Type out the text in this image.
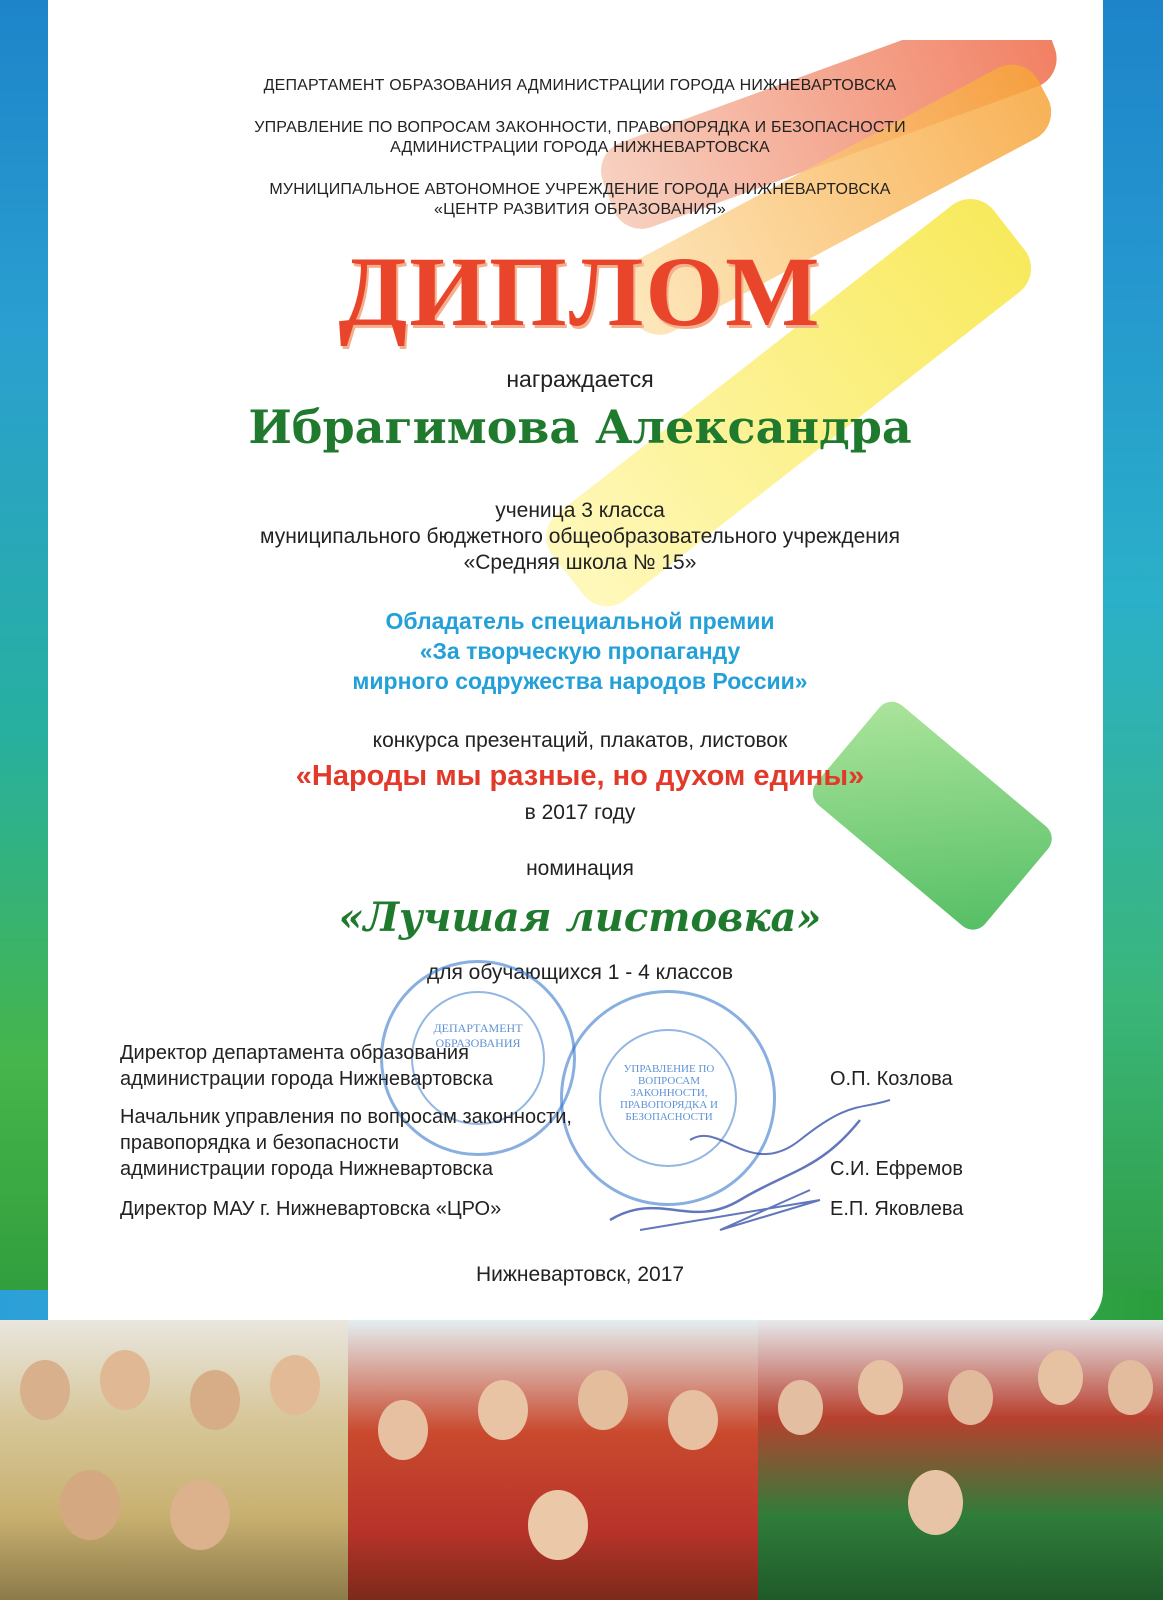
ДЕПАРТАМЕНТ ОБРАЗОВАНИЯ АДМИНИСТРАЦИИ ГОРОДА НИЖНЕВАРТОВСКА
УПРАВЛЕНИЕ ПО ВОПРОСАМ ЗАКОННОСТИ, ПРАВОПОРЯДКА И БЕЗОПАСНОСТИ
АДМИНИСТРАЦИИ ГОРОДА НИЖНЕВАРТОВСКА
МУНИЦИПАЛЬНОЕ АВТОНОМНОЕ УЧРЕЖДЕНИЕ ГОРОДА НИЖНЕВАРТОВСКА
«ЦЕНТР РАЗВИТИЯ ОБРАЗОВАНИЯ»
ДИПЛОМ
награждается
Ибрагимова Александра
ученица 3 класса
муниципального бюджетного общеобразовательного учреждения
«Средняя школа № 15»
Обладатель специальной премии
«За творческую пропаганду
мирного содружества народов России»
конкурса презентаций, плакатов, листовок
«Народы мы разные, но духом едины»
в 2017 году
номинация
«Лучшая листовка»
для обучающихся 1 - 4 классов
ДЕПАРТАМЕНТ ОБРАЗОВАНИЯ
УПРАВЛЕНИЕ ПО ВОПРОСАМ ЗАКОННОСТИ, ПРАВОПОРЯДКА И БЕЗОПАСНОСТИ
Директор департамента образования
администрации города Нижневартовска	О.П. Козлова
Начальник управления по вопросам законности,
правопорядка и безопасности
администрации города Нижневартовска	С.И. Ефремов
Директор МАУ г. Нижневартовска «ЦРО»	Е.П. Яковлева
Нижневартовск, 2017
